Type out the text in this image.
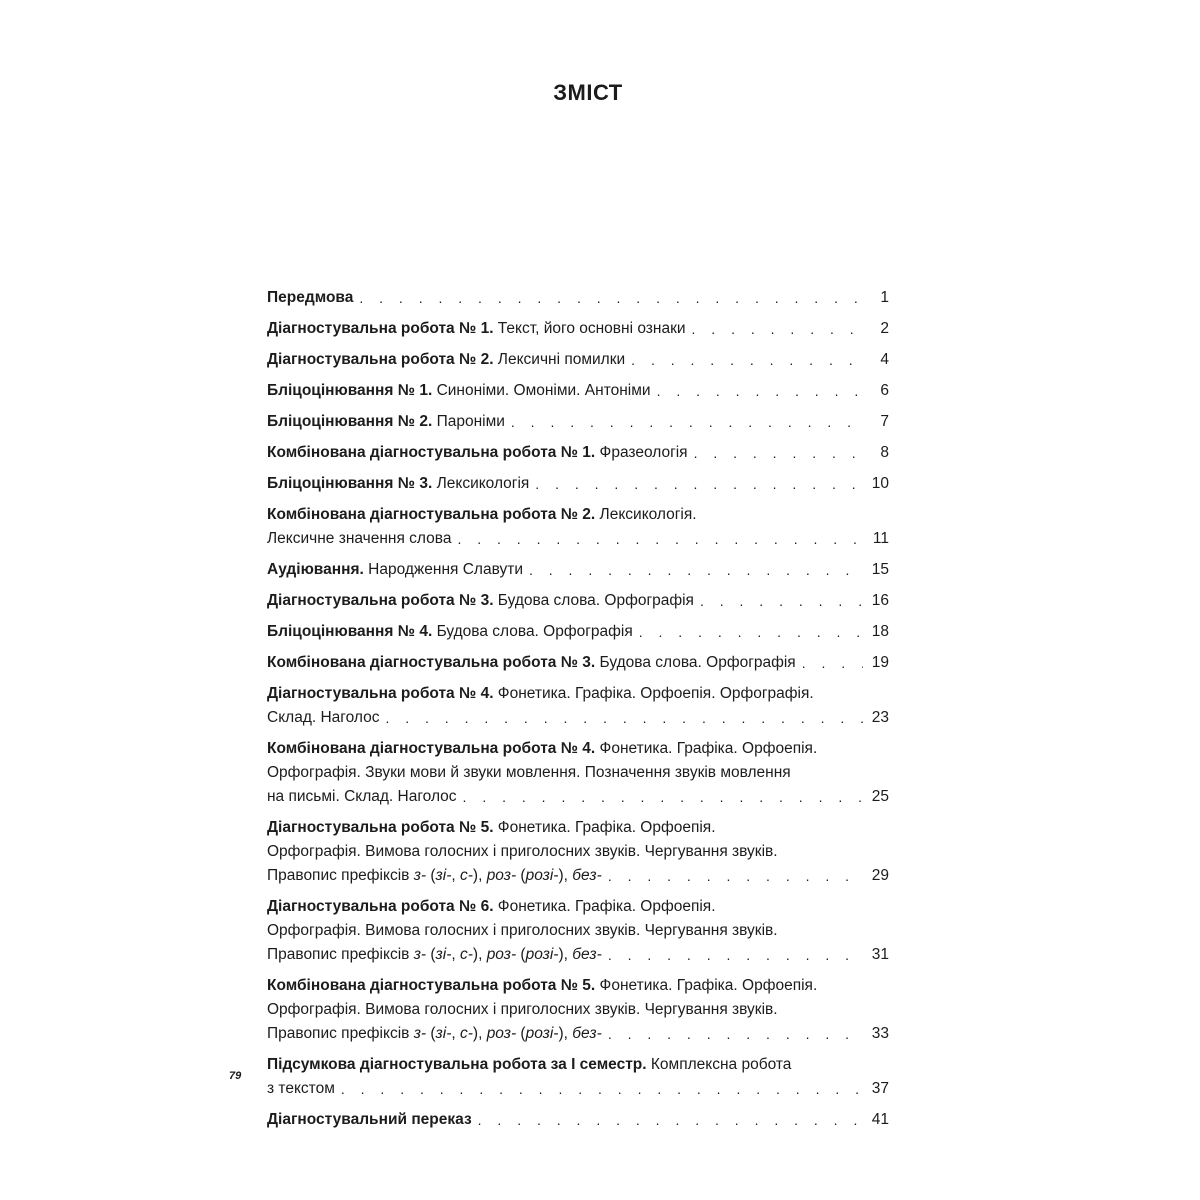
ЗМІСТ
Передмова . . .	1
Діагностувальна робота № 1. Текст, його основні ознаки . . .	2
Діагностувальна робота № 2. Лексичні помилки . . .	4
Бліцоцінювання № 1. Синоніми. Омоніми. Антоніми . . .	6
Бліцоцінювання № 2. Пароніми . . .	7
Комбінована діагностувальна робота № 1. Фразеологія . . .	8
Бліцоцінювання № 3. Лексикологія . . .	10
Комбінована діагностувальна робота № 2. Лексикологія.
Лексичне значення слова . . .	11
Аудіювання. Народження Славути . . .	15
Діагностувальна робота № 3. Будова слова. Орфографія . . .	16
Бліцоцінювання № 4. Будова слова. Орфографія . . .	18
Комбінована діагностувальна робота № 3. Будова слова. Орфографія . . .	19
Діагностувальна робота № 4. Фонетика. Графіка. Орфоепія. Орфографія.
Склад. Наголос . . .	23
Комбінована діагностувальна робота № 4. Фонетика. Графіка. Орфоепія.
Орфографія. Звуки мови й звуки мовлення. Позначення звуків мовлення
на письмі. Склад. Наголос . . .	25
Діагностувальна робота № 5. Фонетика. Графіка. Орфоепія.
Орфографія. Вимова голосних і приголосних звуків. Чергування звуків.
Правопис префіксів з- (зі-, с-), роз- (розі-), без- . . .	29
Діагностувальна робота № 6. Фонетика. Графіка. Орфоепія.
Орфографія. Вимова голосних і приголосних звуків. Чергування звуків.
Правопис префіксів з- (зі-, с-), роз- (розі-), без- . . .	31
Комбінована діагностувальна робота № 5. Фонетика. Графіка. Орфоепія.
Орфографія. Вимова голосних і приголосних звуків. Чергування звуків.
Правопис префіксів з- (зі-, с-), роз- (розі-), без- . . .	33
Підсумкова діагностувальна робота за І семестр. Комплексна робота
з текстом . . .	37
Діагностувальний переказ . . .	41
79
